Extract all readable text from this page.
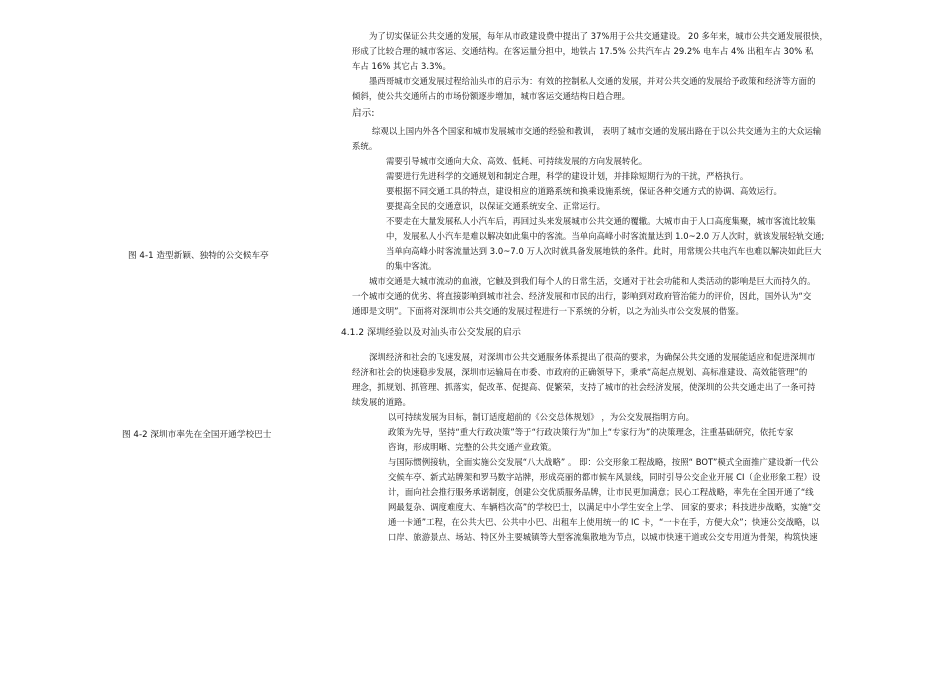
图 4-1 造型新颖、独特的公交候车亭

图 4-2 深圳市率先在全国开通学校巴士

为了切实保证公共交通的发展，每年从市政建设费中提出了 37%用于公共交通建设。 20 多年来，城市公共交通发展很快，

形成了比较合理的城市客运、交通结构。在客运量分担中，地铁占 17.5% 公共汽车占 29.2% 电车占 4% 出租车占 30% 私

车占 16% 其它占 3.3%。

墨西哥城市交通发展过程给汕头市的启示为：有效的控制私人交通的发展，并对公共交通的发展给予政策和经济等方面的

倾斜，使公共交通所占的市场份额逐步增加，城市客运交通结构日趋合理。

启示:

综观以上国内外各个国家和城市发展城市交通的经验和教训， 表明了城市交通的发展出路在于以公共交通为主的大众运输

系统。

需要引导城市交通向大众、高效、低耗、可持续发展的方向发展转化。

需要进行先进科学的交通规划和制定合理，科学的建设计划，并排除短期行为的干扰，严格执行。

要根据不同交通工具的特点，建设相应的道路系统和换乘设施系统，保证各种交通方式的协调、高效运行。

要提高全民的交通意识，以保证交通系统安全、正常运行。

不要走在大量发展私人小汽车后，再回过头来发展城市公共交通的覆辙。大城市由于人口高度集聚，城市客流比较集

中，发展私人小汽车是难以解决如此集中的客流。当单向高峰小时客流量达到 1.0~2.0 万人次时，就该发展轻轨交通;

当单向高峰小时客流量达到 3.0~7.0 万人次时就具备发展地铁的条件。此时，用常规公共电汽车也难以解决如此巨大

的集中客流。

城市交通是大城市流动的血液，它触及到我们每个人的日常生活，交通对于社会功能和人类活动的影响是巨大而持久的。

一个城市交通的优劣、将直接影响到城市社会、经济发展和市民的出行，影响到对政府管治能力的评价，因此，国外认为“交

通即是文明”。下面将对深圳市公共交通的发展过程进行一下系统的分析，以之为汕头市公交发展的借鉴。

4.1.2 深圳经验以及对汕头市公交发展的启示

深圳经济和社会的飞速发展，对深圳市公共交通服务体系提出了很高的要求，为确保公共交通的发展能适应和促进深圳市

经济和社会的快速稳步发展，深圳市运输局在市委、市政府的正确领导下，秉承“高起点规划、高标准建设、高效能管理”的

理念，抓规划、抓管理、抓落实，促改革、促提高、促繁荣，支持了城市的社会经济发展，使深圳的公共交通走出了一条可持

续发展的道路。

以可持续发展为目标，制订适度超前的《公交总体规划》 ，为公交发展指明方向。

政策为先导，坚持“重大行政决策”等于“行政决策行为”加上“专家行为”的决策理念，注重基础研究，依托专家

咨询，形成明晰、完整的公共交通产业政策。

与国际惯例接轨，全面实施公交发展“八大战略” 。 即：公交形象工程战略，按照“ BOT”模式全面推广建设新一代公

交候车亭、新式站牌架和罗马数字站牌，形成亮丽的都市候车风景线，同时引导公交企业开展 CI（企业形象工程）设

计，面向社会推行服务承诺制度，创建公交优质服务品牌，让市民更加满意；民心工程战略，率先在全国开通了“线

网最复杂、调度难度大、车辆档次高”的学校巴士，以满足中小学生安全上学、 回家的要求；科技进步战略，实施“交

通一卡通”工程，在公共大巴、公共中小巴、出租车上使用统一的 IC 卡，“一卡在手，方便大众”；快速公交战略，以

口岸、旅游景点、场站、特区外主要城镇等大型客流集散地为节点，以城市快速干道或公交专用道为骨架，构筑快速
